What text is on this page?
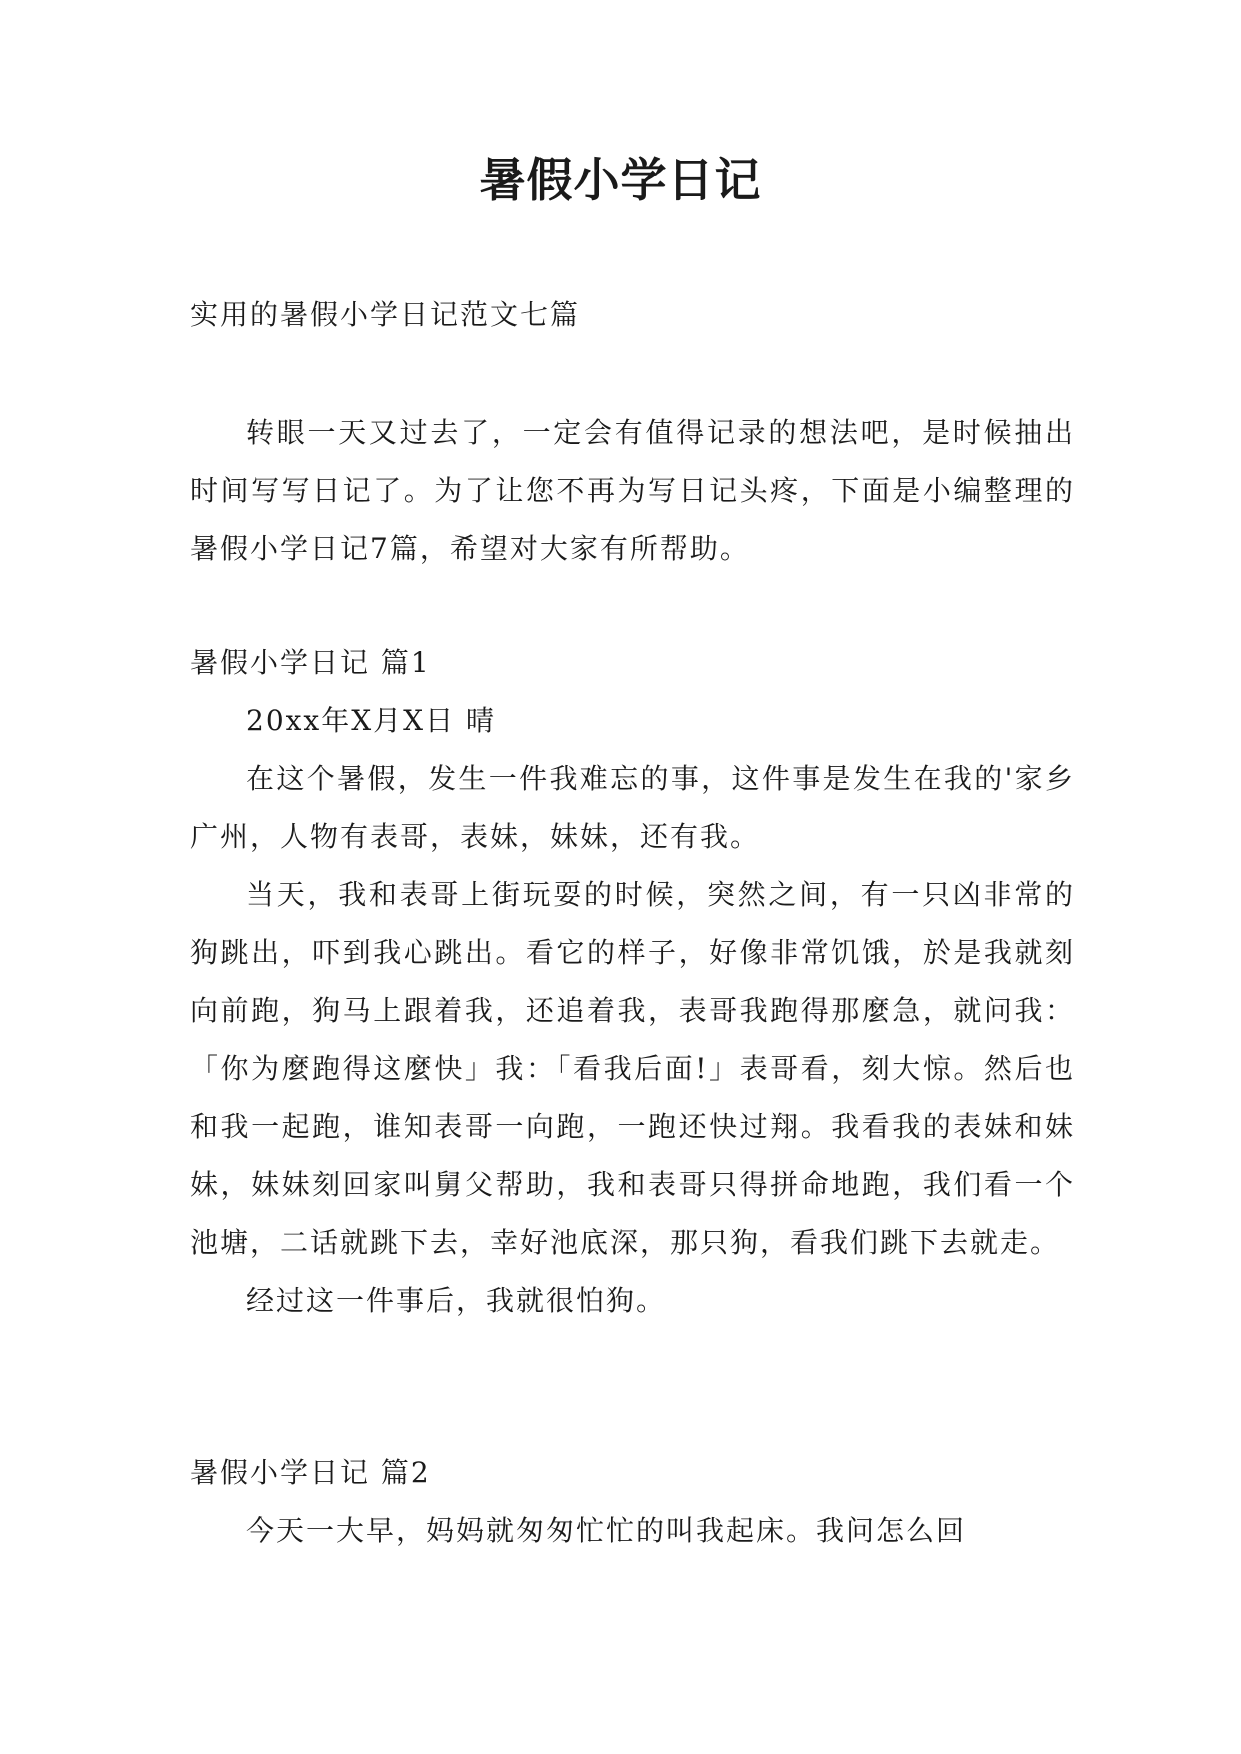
暑假小学日记
实用的暑假小学日记范文七篇

转眼一天又过去了，一定会有值得记录的想法吧，是时候抽出时间写写日记了。为了让您不再为写日记头疼，下面是小编整理的暑假小学日记7篇，希望对大家有所帮助。

暑假小学日记 篇1

20xx年X月X日 晴

在这个暑假，发生一件我难忘的事，这件事是发生在我的'家乡广州，人物有表哥，表妹，妹妹，还有我。

当天，我和表哥上街玩耍的时候，突然之间，有一只凶非常的狗跳出，吓到我心跳出。看它的样子，好像非常饥饿，於是我就刻向前跑，狗马上跟着我，还追着我，表哥我跑得那麼急，就问我：「你为麼跑得这麼快」我：「看我后面!」表哥看，刻大惊。然后也和我一起跑，谁知表哥一向跑，一跑还快过翔。我看我的表妹和妹妹，妹妹刻回家叫舅父帮助，我和表哥只得拼命地跑，我们看一个池塘，二话就跳下去，幸好池底深，那只狗，看我们跳下去就走。

经过这一件事后，我就很怕狗。

暑假小学日记 篇2

今天一大早，妈妈就匆匆忙忙的叫我起床。我问怎么回
